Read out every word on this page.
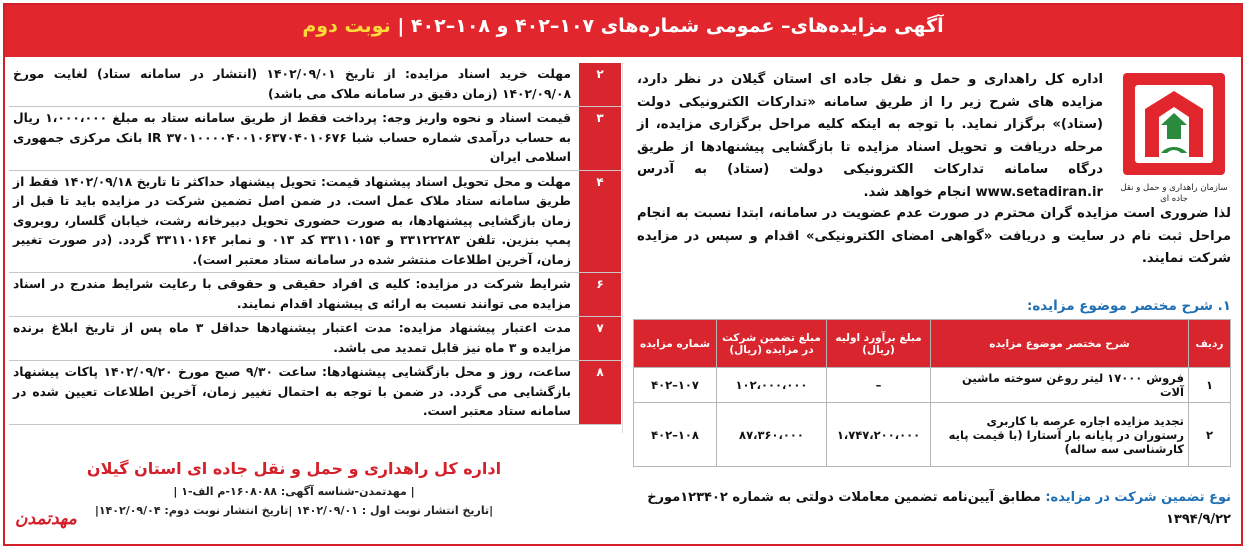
آگهی مزایده‌های– عمومی شماره‌های ۱۰۷–۴۰۲ و ۱۰۸–۴۰۲ | نوبت دوم
سازمان راهداری و حمل و نقل جاده ای

اداره کل راهداری و حمل و نقل جاده ای استان گیلان در نظر دارد، مزایده های شرح زیر را از طریق سامانه «تدارکات الکترونیکی دولت (ستاد)» برگزار نماید. با توجه به اینکه کلیه مراحل برگزاری مزایده، از مرحله دریافت و تحویل اسناد مزایده تا بازگشایی پیشنهادها از طریق درگاه سامانه تدارکات الکترونیکی دولت (ستاد) به آدرس www.setadiran.ir انجام خواهد شد.

لذا ضروری است مزایده گران محترم در صورت عدم عضویت در سامانه، ابتدا نسبت به انجام مراحل ثبت نام در سایت و دریافت «گواهی امضای الکترونیکی» اقدام و سپس در مزایده شرکت نمایند.

۱. شرح مختصر موضوع مزایده:
ردیف	شرح مختصر موضوع مزایده	مبلغ برآورد اولیه (ریال)	مبلغ تضمین شرکت در مزایده (ریال)	شماره مزایده
۱	فروش ۱۷۰۰۰ لیتر روغن سوخته ماشین آلات	–	۱۰۲،۰۰۰،۰۰۰	۱۰۷–۴۰۲
۲	تجدید مزایده اجاره عرصه با کاربری رستوران در پایانه بار آستارا (با قیمت پایه کارشناسی سه ساله)	۱،۷۴۷،۲۰۰،۰۰۰	۸۷،۳۶۰،۰۰۰	۱۰۸–۴۰۲

نوع تضمین شرکت در مزایده: مطابق آیین‌نامه تضمین معاملات دولتی به شماره ۱۲۳۴۰۲مورخ ۱۳۹۴/۹/۲۲

۲
مهلت خرید اسناد مزایده: از تاریخ ۱۴۰۲/۰۹/۰۱ (انتشار در سامانه ستاد) لغایت مورخ ۱۴۰۲/۰۹/۰۸ (زمان دقیق در سامانه ملاک می باشد)
۳
قیمت اسناد و نحوه واریز وجه: پرداخت فقط از طریق سامانه ستاد به مبلغ ۱،۰۰۰،۰۰۰ ریال به حساب درآمدی شماره حساب شبا IR ۳۷۰۱۰۰۰۰۴۰۰۱۰۶۳۷۰۴۰۱۰۶۷۶ بانک مرکزی جمهوری اسلامی ایران
۴
مهلت و محل تحویل اسناد پیشنهاد قیمت: تحویل پیشنهاد حداکثر تا تاریخ ۱۴۰۲/۰۹/۱۸ فقط از طریق سامانه ستاد ملاک عمل است. در ضمن اصل تضمین شرکت در مزایده باید تا قبل از زمان بازگشایی پیشنهادها، به صورت حضوری تحویل دبیرخانه رشت، خیابان گلسار، روبروی پمپ بنزین. تلفن ۳۳۱۲۲۲۸۳ و ۳۳۱۱۰۱۵۴ کد ۰۱۳ و نمابر ۳۳۱۱۰۱۶۴ گردد. (در صورت تغییر زمان، آخرین اطلاعات منتشر شده در سامانه ستاد معتبر است).
۶
شرایط شرکت در مزایده: کلیه ی افراد حقیقی و حقوقی با رعایت شرایط مندرج در اسناد مزایده می توانند نسبت به ارائه ی پیشنهاد اقدام نمایند.
۷
مدت اعتبار پیشنهاد مزایده: مدت اعتبار پیشنهادها حداقل ۳ ماه پس از تاریخ ابلاغ برنده مزایده و ۳ ماه نیز قابل تمدید می باشد.
۸
ساعت، روز و محل بازگشایی پیشنهادها: ساعت ۹/۳۰ صبح مورخ ۱۴۰۲/۰۹/۲۰ پاکات پیشنهاد بازگشایی می گردد. در ضمن با توجه به احتمال تغییر زمان، آخرین اطلاعات تعیین شده در سامانه ستاد معتبر است.
اداره کل راهداری و حمل و نقل جاده ای استان گیلان
| مهدتمدن-شناسه آگهی: ۱۶۰۸۰۸۸-م الف-۱ |
|تاریخ انتشار نوبت اول : ۱۴۰۲/۰۹/۰۱ |تاریخ انتشار نوبت دوم: ۱۴۰۲/۰۹/۰۴|
مهدتمدن
